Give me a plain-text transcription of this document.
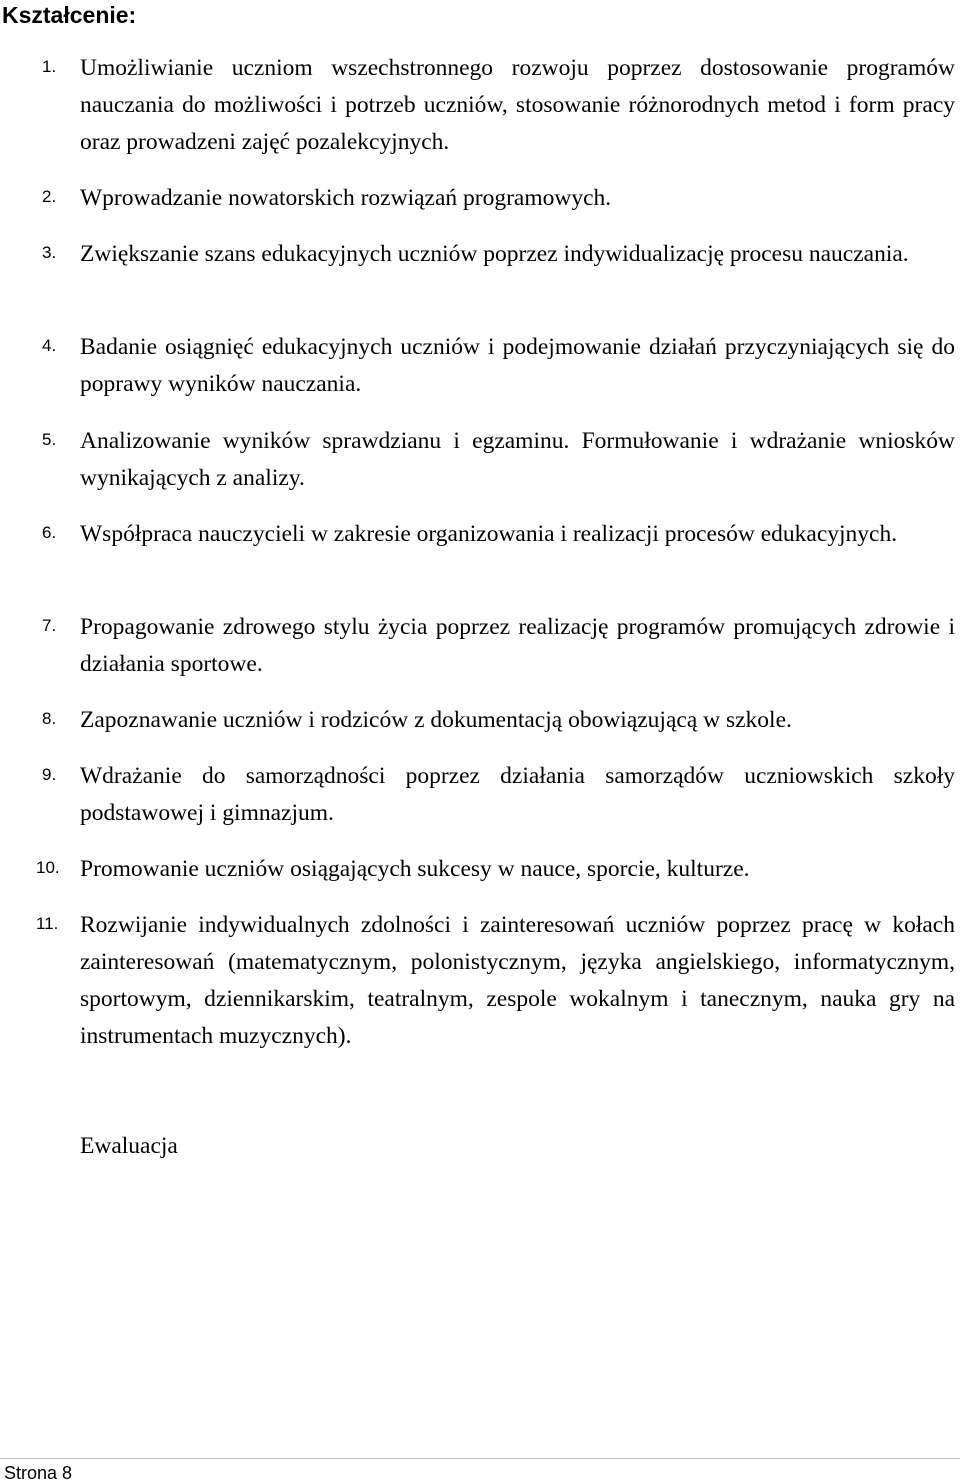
Kształcenie:
1. Umożliwianie uczniom wszechstronnego rozwoju poprzez dostosowanie programów nauczania do możliwości i potrzeb uczniów, stosowanie różnorodnych metod i form pracy oraz prowadzeni zajęć pozalekcyjnych.
2. Wprowadzanie nowatorskich rozwiązań programowych.
3. Zwiększanie szans edukacyjnych uczniów poprzez indywidualizację procesu nauczania.
4. Badanie osiągnięć edukacyjnych uczniów i podejmowanie działań przyczyniających się do poprawy wyników nauczania.
5. Analizowanie wyników sprawdzianu i egzaminu. Formułowanie i wdrażanie wniosków wynikających z analizy.
6. Współpraca nauczycieli w zakresie organizowania i realizacji procesów edukacyjnych.
7. Propagowanie zdrowego stylu życia poprzez realizację programów promujących zdrowie i działania sportowe.
8. Zapoznawanie uczniów i rodziców z dokumentacją obowiązującą w szkole.
9. Wdrażanie do samorządności poprzez działania samorządów uczniowskich szkoły podstawowej i gimnazjum.
10. Promowanie uczniów osiągających sukcesy w nauce, sporcie, kulturze.
11. Rozwijanie indywidualnych zdolności i zainteresowań uczniów poprzez pracę w kołach zainteresowań (matematycznym, polonistycznym, języka angielskiego, informatycznym, sportowym, dziennikarskim, teatralnym, zespole wokalnym i tanecznym, nauka gry na instrumentach muzycznych).
Ewaluacja
Strona 8
